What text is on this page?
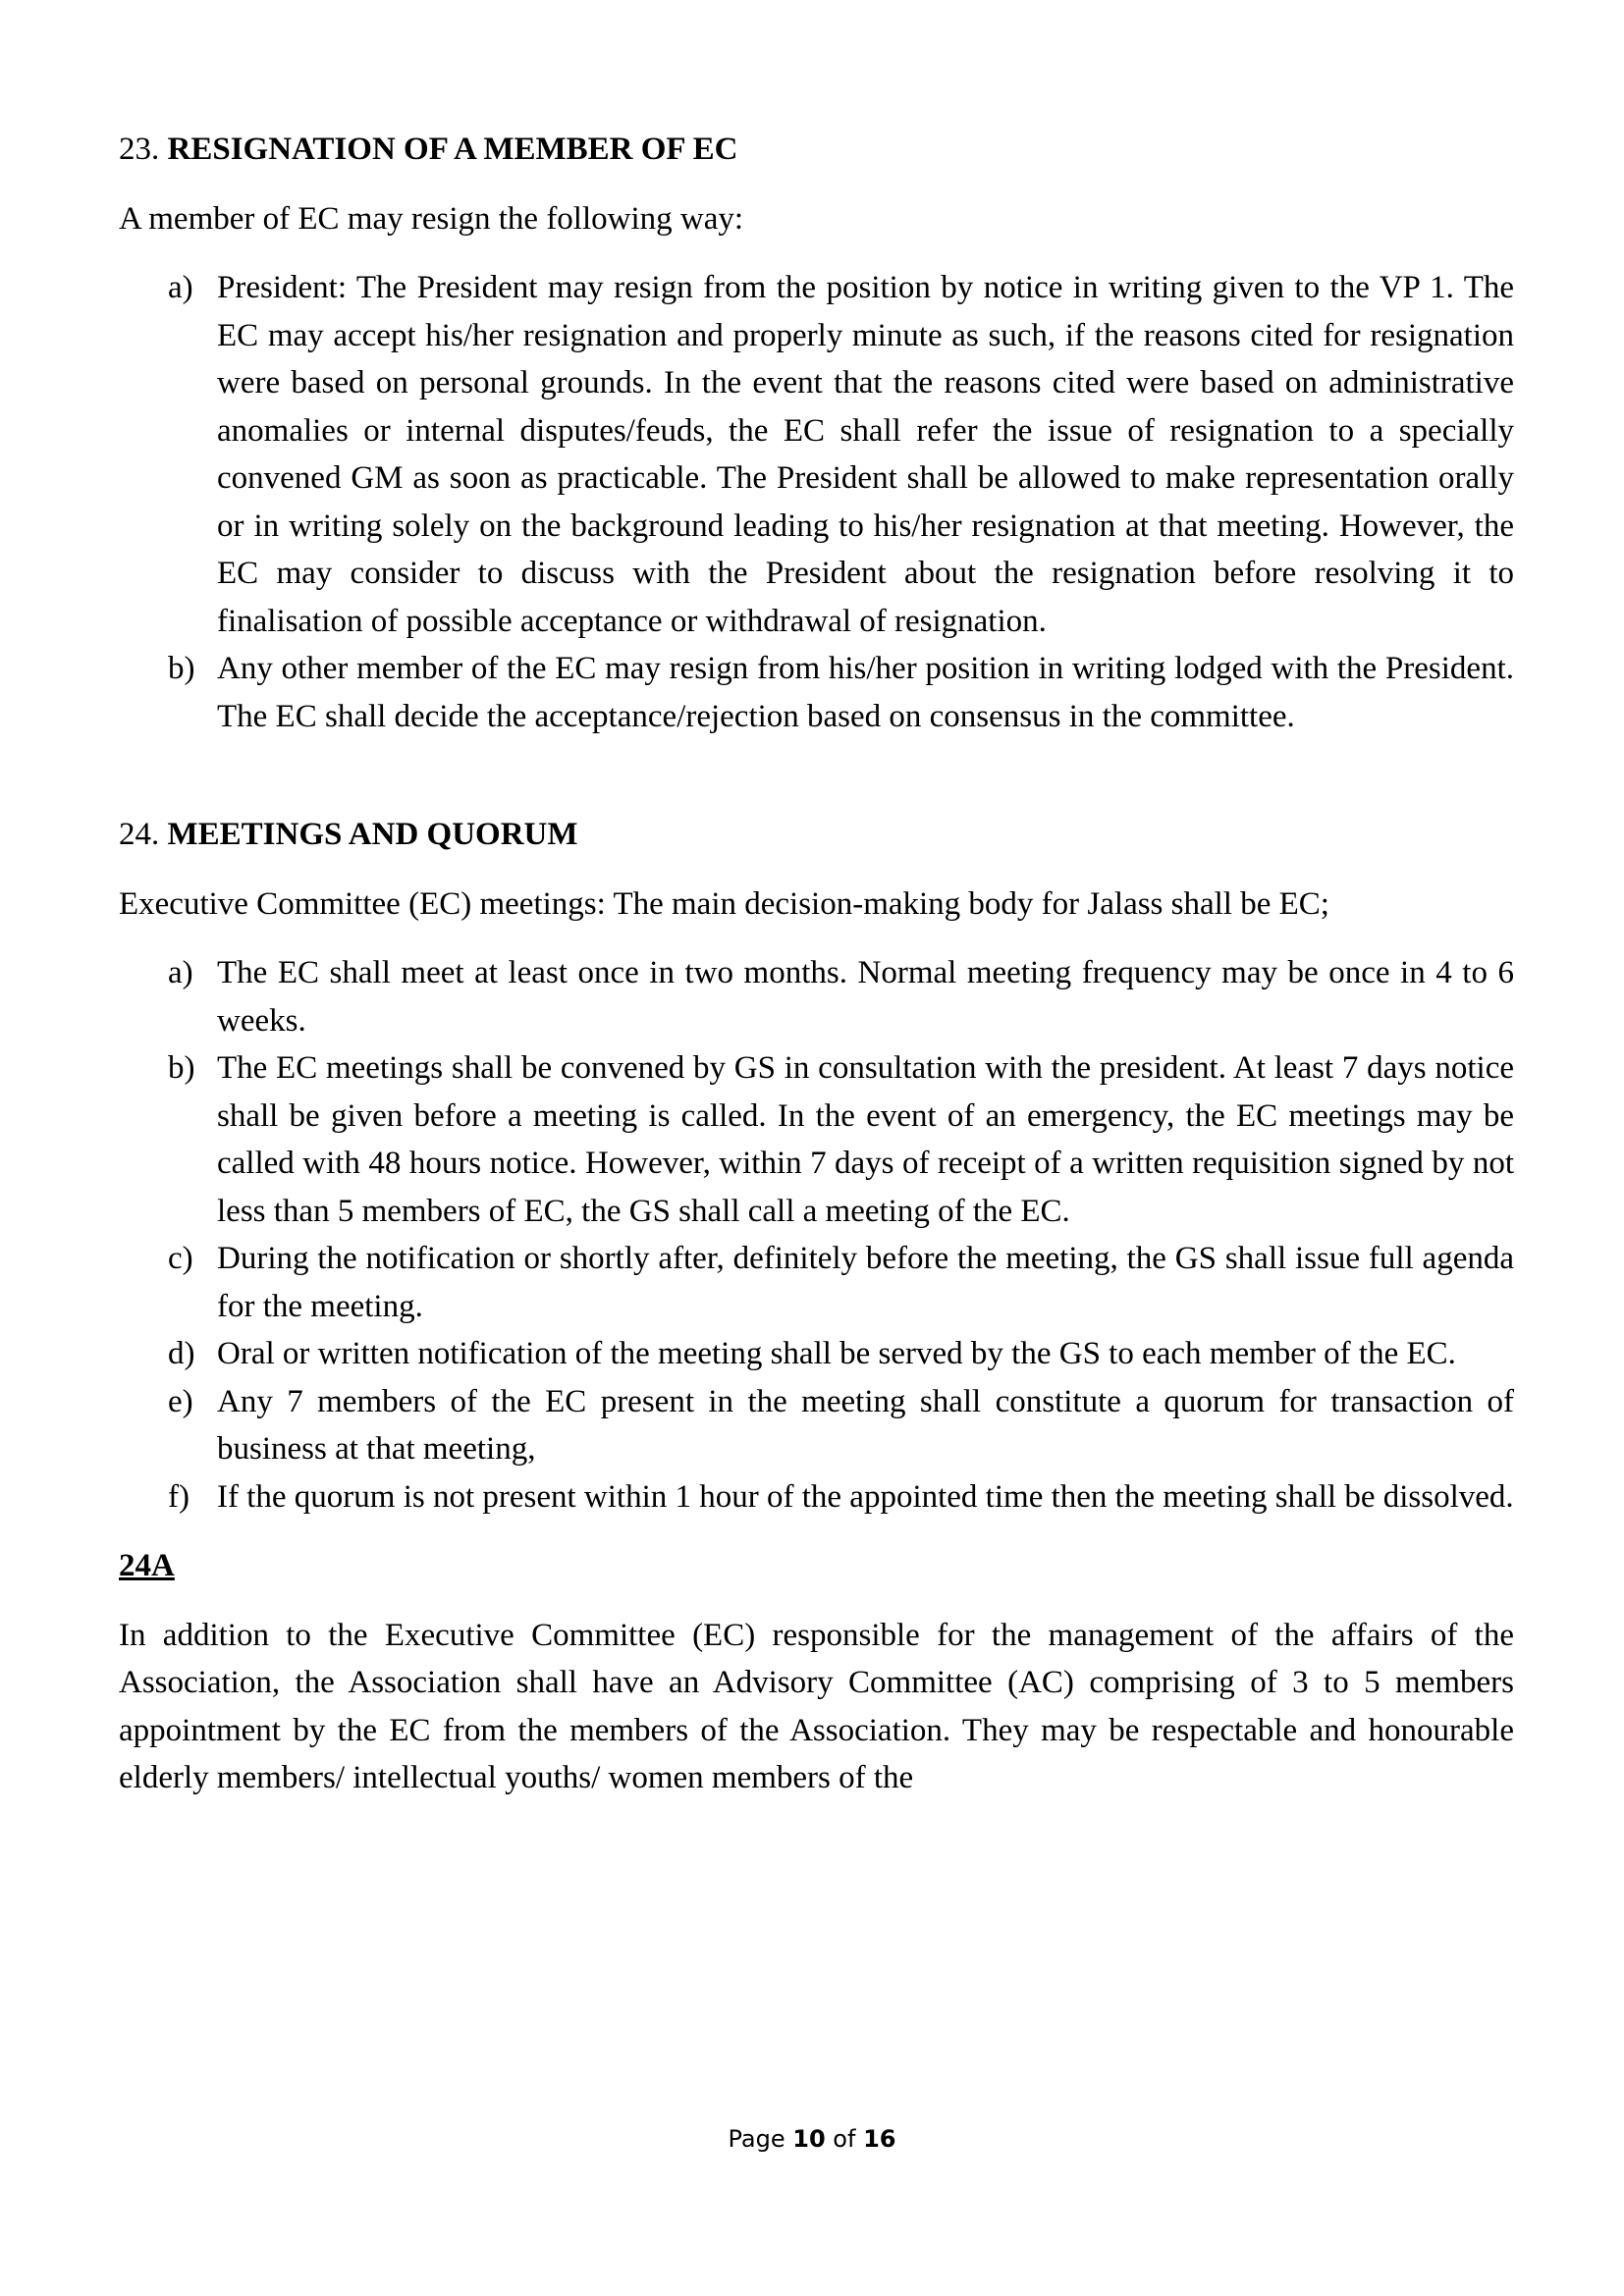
23. RESIGNATION OF A MEMBER OF EC

A member of EC may resign the following way:

a) President: The President may resign from the position by notice in writing given to the VP 1. The EC may accept his/her resignation and properly minute as such, if the reasons cited for resignation were based on personal grounds. In the event that the reasons cited were based on administrative anomalies or internal disputes/feuds, the EC shall refer the issue of resignation to a specially convened GM as soon as practicable. The President shall be allowed to make representation orally or in writing solely on the background leading to his/her resignation at that meeting. However, the EC may consider to discuss with the President about the resignation before resolving it to finalisation of possible acceptance or withdrawal of resignation.
b) Any other member of the EC may resign from his/her position in writing lodged with the President. The EC shall decide the acceptance/rejection based on consensus in the committee.
24. MEETINGS AND QUORUM

Executive Committee (EC) meetings: The main decision-making body for Jalass shall be EC;

a) The EC shall meet at least once in two months. Normal meeting frequency may be once in 4 to 6 weeks.
b) The EC meetings shall be convened by GS in consultation with the president. At least 7 days notice shall be given before a meeting is called. In the event of an emergency, the EC meetings may be called with 48 hours notice. However, within 7 days of receipt of a written requisition signed by not less than 5 members of EC, the GS shall call a meeting of the EC.
c) During the notification or shortly after, definitely before the meeting, the GS shall issue full agenda for the meeting.
d) Oral or written notification of the meeting shall be served by the GS to each member of the EC.
e) Any 7 members of the EC present in the meeting shall constitute a quorum for transaction of business at that meeting,
f) If the quorum is not present within 1 hour of the appointed time then the meeting shall be dissolved.
24A

In addition to the Executive Committee (EC) responsible for the management of the affairs of the Association, the Association shall have an Advisory Committee (AC) comprising of 3 to 5 members appointment by the EC from the members of the Association. They may be respectable and honourable elderly members/ intellectual youths/ women members of the

Page 10 of 16
